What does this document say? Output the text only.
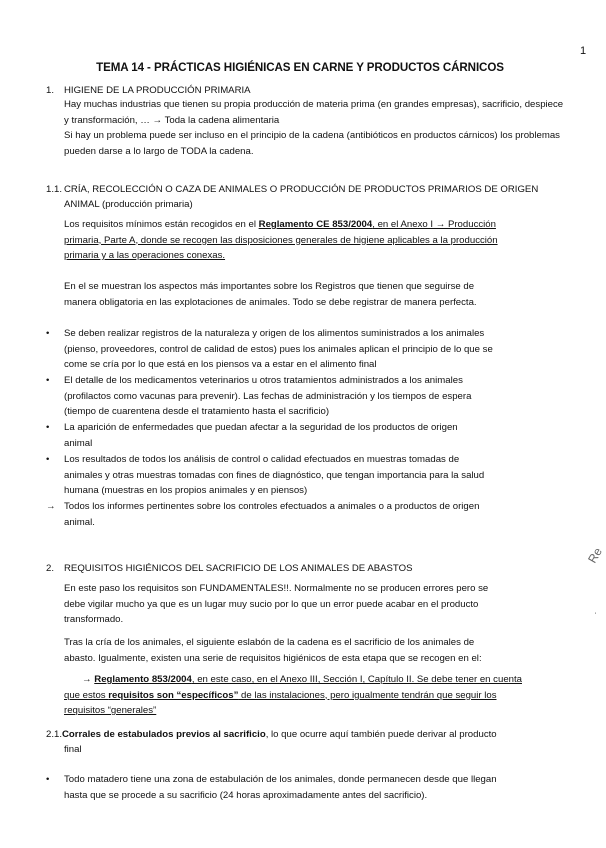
1
TEMA 14 - PRÁCTICAS HIGIÉNICAS EN CARNE Y PRODUCTOS CÁRNICOS
1. HIGIENE DE LA PRODUCCIÓN PRIMARIA

Hay muchas industrias que tienen su propia producción de materia prima (en grandes empresas), sacrificio, despiece

y transformación, … → Toda la cadena alimentaria

Si hay un problema puede ser incluso en el principio de la cadena (antibióticos en productos cárnicos) los problemas

pueden darse a lo largo de TODA la cadena.

1.1. CRÍA, RECOLECCIÓN O CAZA DE ANIMALES O PRODUCCIÓN DE PRODUCTOS PRIMARIOS DE ORIGEN
ANIMAL (producción primaria)

Los requisitos mínimos están recogidos en el Reglamento CE 853/2004, en el Anexo I → Producción

primaria, Parte A, donde se recogen las disposiciones generales de higiene aplicables a la producción

primaria y a las operaciones conexas.

En el se muestran los aspectos más importantes sobre los Registros que tienen que seguirse de

manera obligatoria en las explotaciones de animales. Todo se debe registrar de manera perfecta.

•	Se deben realizar registros de la naturaleza y origen de los alimentos suministrados a los animales
(pienso, proveedores, control de calidad de estos) pues los animales aplican el principio de lo que se
come se cría por lo que está en los piensos va a estar en el alimento final
•	El detalle de los medicamentos veterinarios u otros tratamientos administrados a los animales
(profilactos como vacunas para prevenir). Las fechas de administración y los tiempos de espera
(tiempo de cuarentena desde el tratamiento hasta el sacrificio)
•	La aparición de enfermedades que puedan afectar a la seguridad de los productos de origen
animal
•	Los resultados de todos los análisis de control o calidad efectuados en muestras tomadas de
animales y otras muestras tomadas con fines de diagnóstico, que tengan importancia para la salud
humana (muestras en los propios animales y en piensos)
→ Todos los informes pertinentes sobre los controles efectuados a animales o a productos de origen
animal.
2. REQUISITOS HIGIÉNICOS DEL SACRIFICIO DE LOS ANIMALES DE ABASTOS

En este paso los requisitos son FUNDAMENTALES!!. Normalmente no se producen errores pero se

debe vigilar mucho ya que es un lugar muy sucio por lo que un error puede acabar en el producto

transformado.

Tras la cría de los animales, el siguiente eslabón de la cadena es el sacrificio de los animales de

abasto. Igualmente, existen una serie de requisitos higiénicos de esta etapa que se recogen en el:

→ Reglamento 853/2004, en este caso, en el Anexo III, Sección I, Capítulo II. Se debe tener en cuenta

que estos requisitos son “específicos” de las instalaciones, pero igualmente tendrán que seguir los

requisitos “generales”

2.1.Corrales de estabulados previos al sacrificio, lo que ocurre aquí también puede derivar al producto
final
•	Todo matadero tiene una zona de estabulación de los animales, donde permanecen desde que llegan
hasta que se procede a su sacrificio (24 horas aproximadamente antes del sacrificio).
Re
ˈ
